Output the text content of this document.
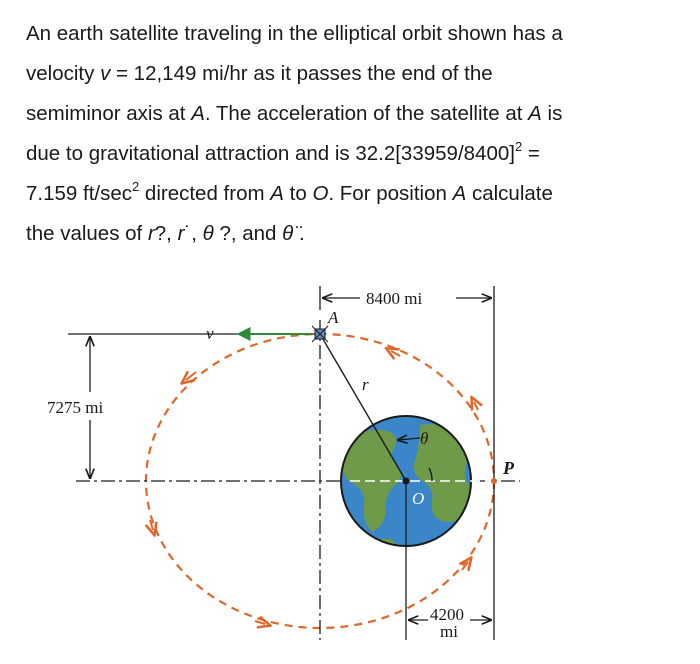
An earth satellite traveling in the elliptical orbit shown has a
velocity v = 12,149 mi/hr as it passes the end of the
semiminor axis at A. The acceleration of the satellite at A is
due to gravitational attraction and is $32.2[33959/8400]^2$ =
7.159 $ft/\sec^2$ directed from A to O. For position A calculate
the values of r?, r˙, θ ?, and θ ̈.
8400 mi
7275 mi
r
θ
O
A
v
P
4200
mi
